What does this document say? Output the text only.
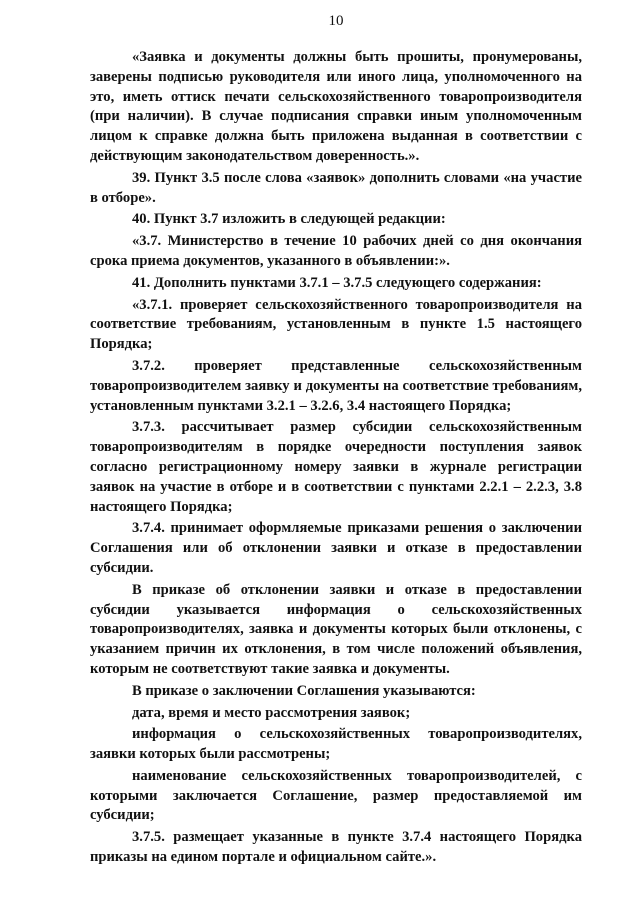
10

«Заявка и документы должны быть прошиты, пронумерованы, заверены подписью руководителя или иного лица, уполномоченного на это, иметь оттиск печати сельскохозяйственного товаропроизводителя (при наличии). В случае подписания справки иным уполномоченным лицом к справке должна быть приложена выданная в соответствии с действующим законодательством доверенность.».

39. Пункт 3.5 после слова «заявок» дополнить словами «на участие в отборе».

40. Пункт 3.7 изложить в следующей редакции:

«3.7. Министерство в течение 10 рабочих дней со дня окончания срока приема документов, указанного в объявлении:».

41. Дополнить пунктами 3.7.1 – 3.7.5 следующего содержания:

«3.7.1. проверяет сельскохозяйственного товаропроизводителя на соответствие требованиям, установленным в пункте 1.5 настоящего Порядка;

3.7.2. проверяет представленные сельскохозяйственным товаропроизводителем заявку и документы на соответствие требованиям, установленным пунктами 3.2.1 – 3.2.6, 3.4 настоящего Порядка;

3.7.3. рассчитывает размер субсидии сельскохозяйственным товаропроизводителям в порядке очередности поступления заявок согласно регистрационному номеру заявки в журнале регистрации заявок на участие в отборе и в соответствии с пунктами 2.2.1 – 2.2.3, 3.8 настоящего Порядка;

3.7.4. принимает оформляемые приказами решения о заключении Соглашения или об отклонении заявки и отказе в предоставлении субсидии.

В приказе об отклонении заявки и отказе в предоставлении субсидии указывается информация о сельскохозяйственных товаропроизводителях, заявка и документы которых были отклонены, с указанием причин их отклонения, в том числе положений объявления, которым не соответствуют такие заявка и документы.

В приказе о заключении Соглашения указываются:

дата, время и место рассмотрения заявок;

информация о сельскохозяйственных товаропроизводителях, заявки которых были рассмотрены;

наименование сельскохозяйственных товаропроизводителей, с которыми заключается Соглашение, размер предоставляемой им субсидии;

3.7.5. размещает указанные в пункте 3.7.4 настоящего Порядка приказы на едином портале и официальном сайте.».
